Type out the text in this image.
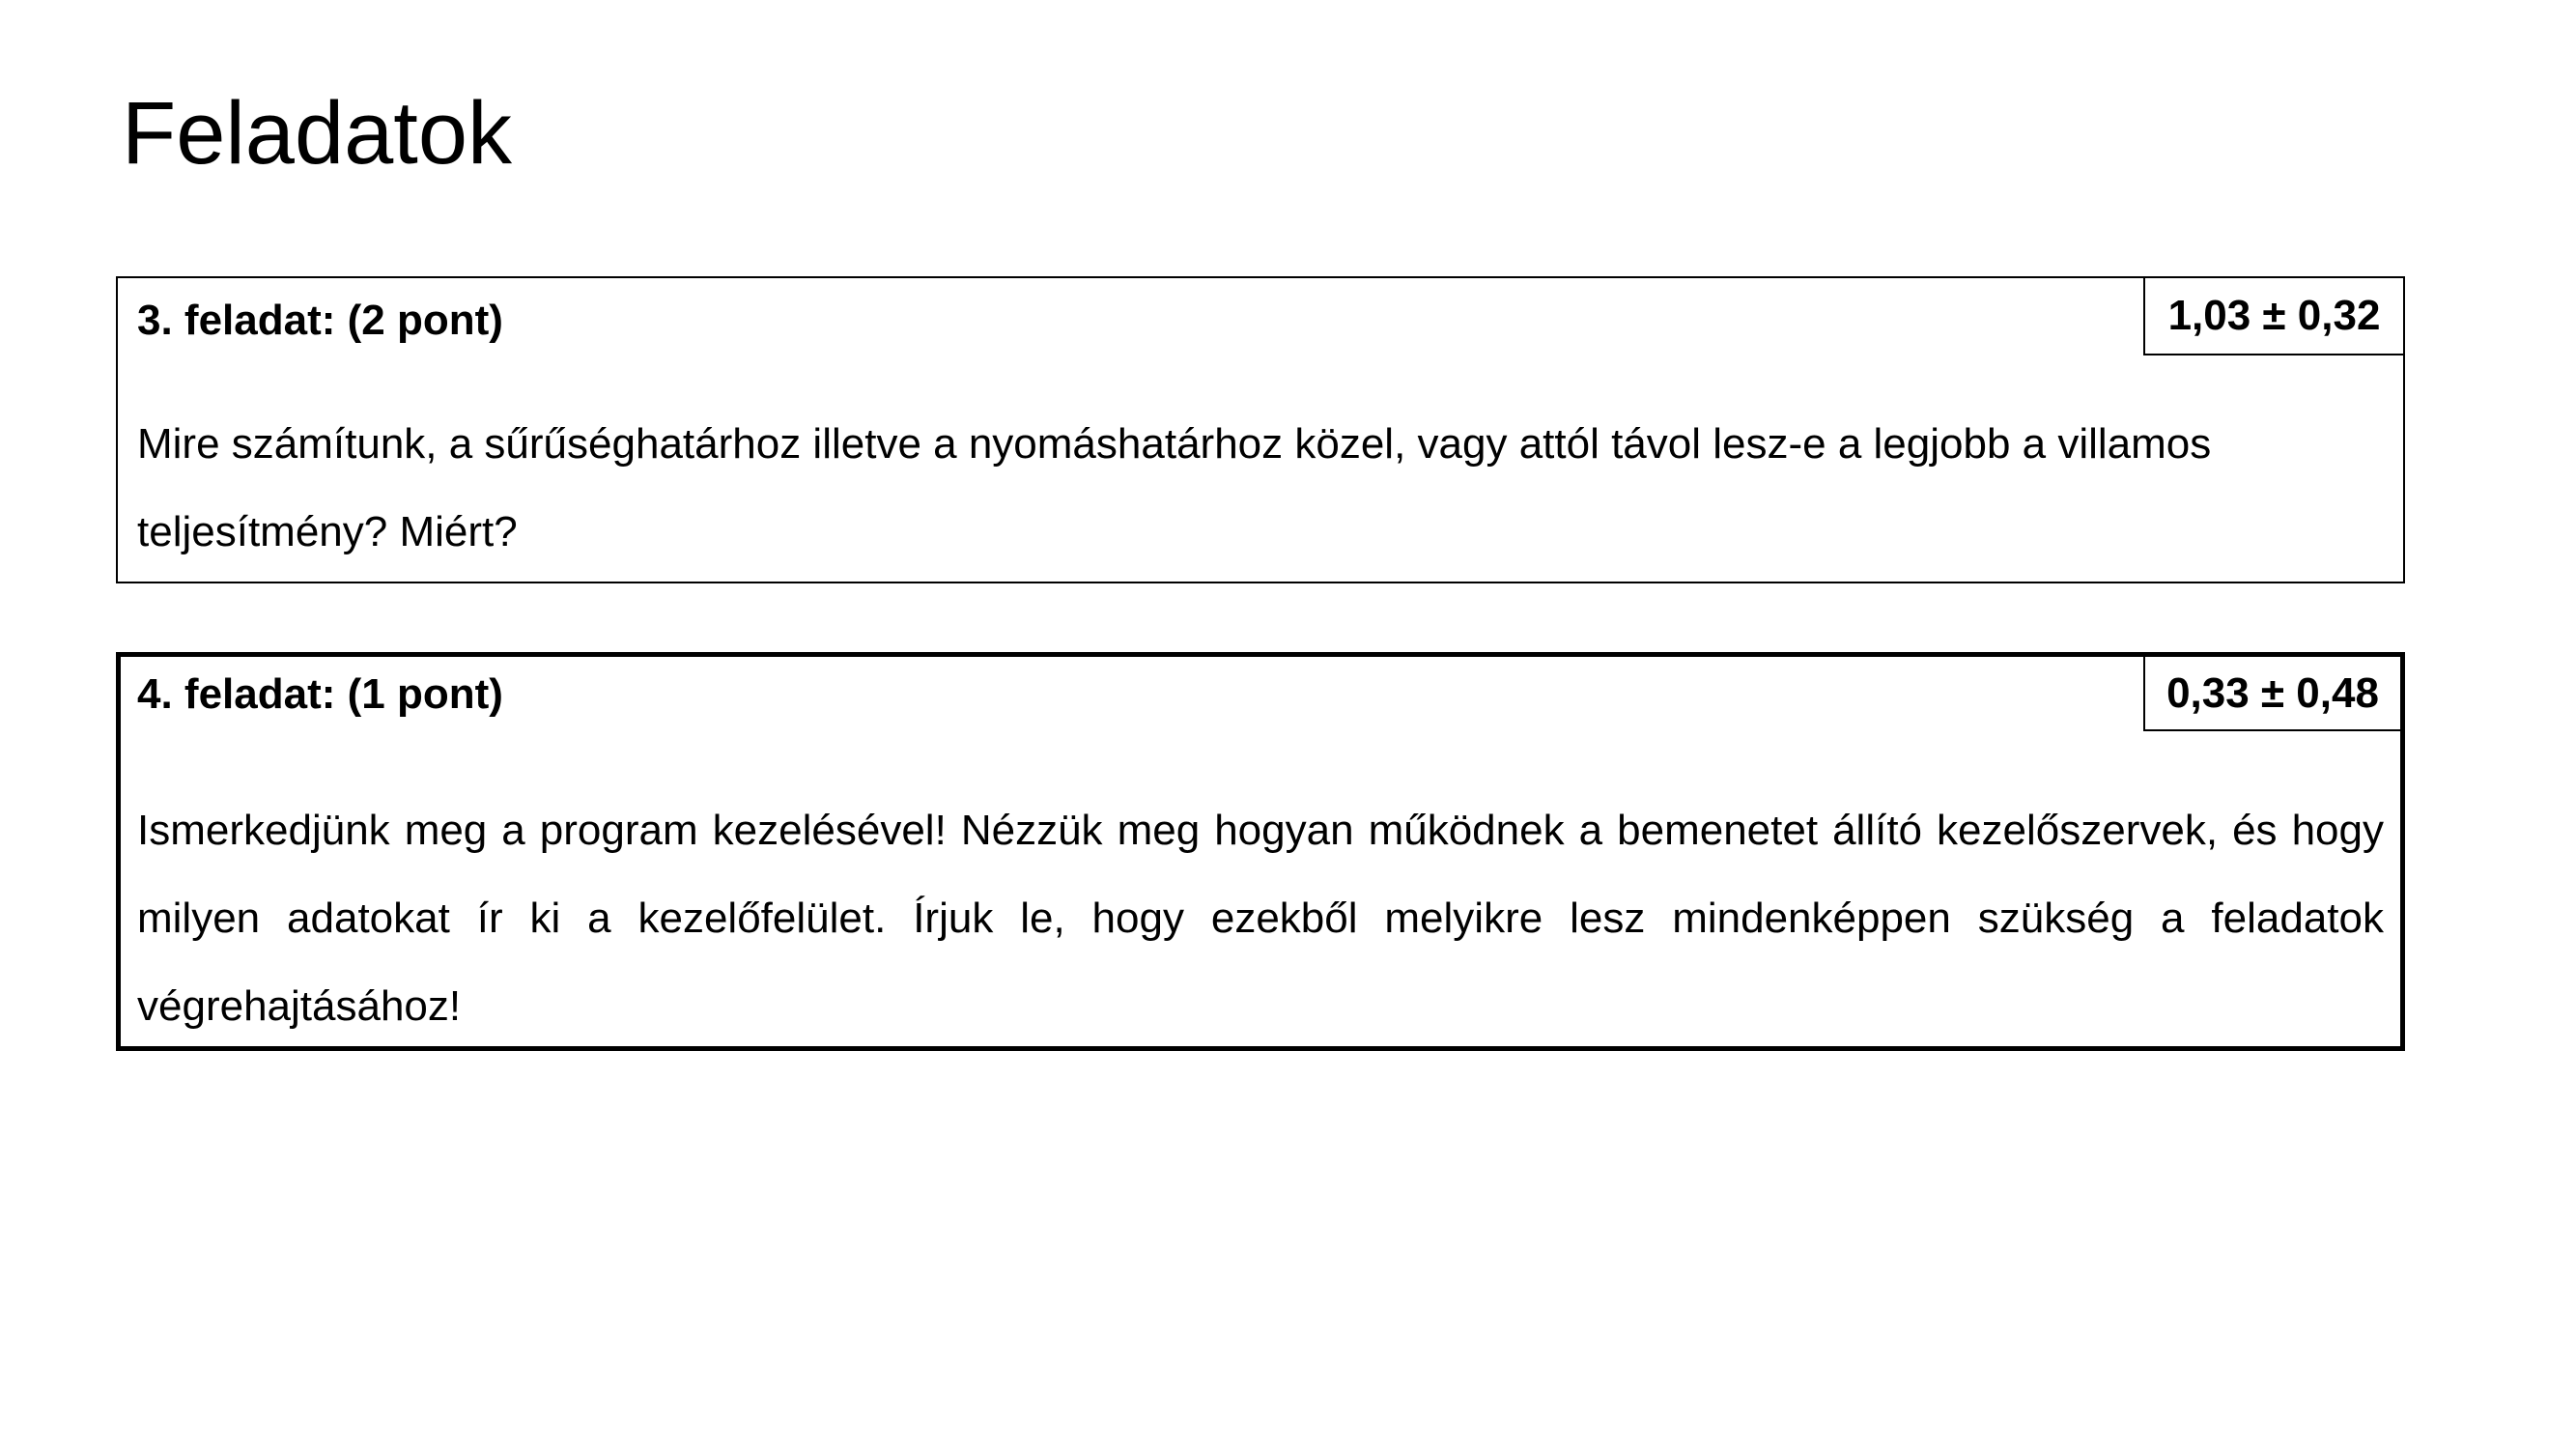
Feladatok
3. feladat: (2 pont)	1,03 ± 0,32

Mire számítunk, a sűrűséghatárhoz illetve a nyomáshatárhoz közel, vagy attól távol lesz-e a legjobb a villamos teljesítmény? Miért?

4. feladat: (1 pont)	0,33 ± 0,48

Ismerkedjünk meg a program kezelésével! Nézzük meg hogyan működnek a bemenetet állító kezelőszervek, és hogy milyen adatokat ír ki a kezelőfelület. Írjuk le, hogy ezekből melyikre lesz mindenképpen szükség a feladatok végrehajtásához!
